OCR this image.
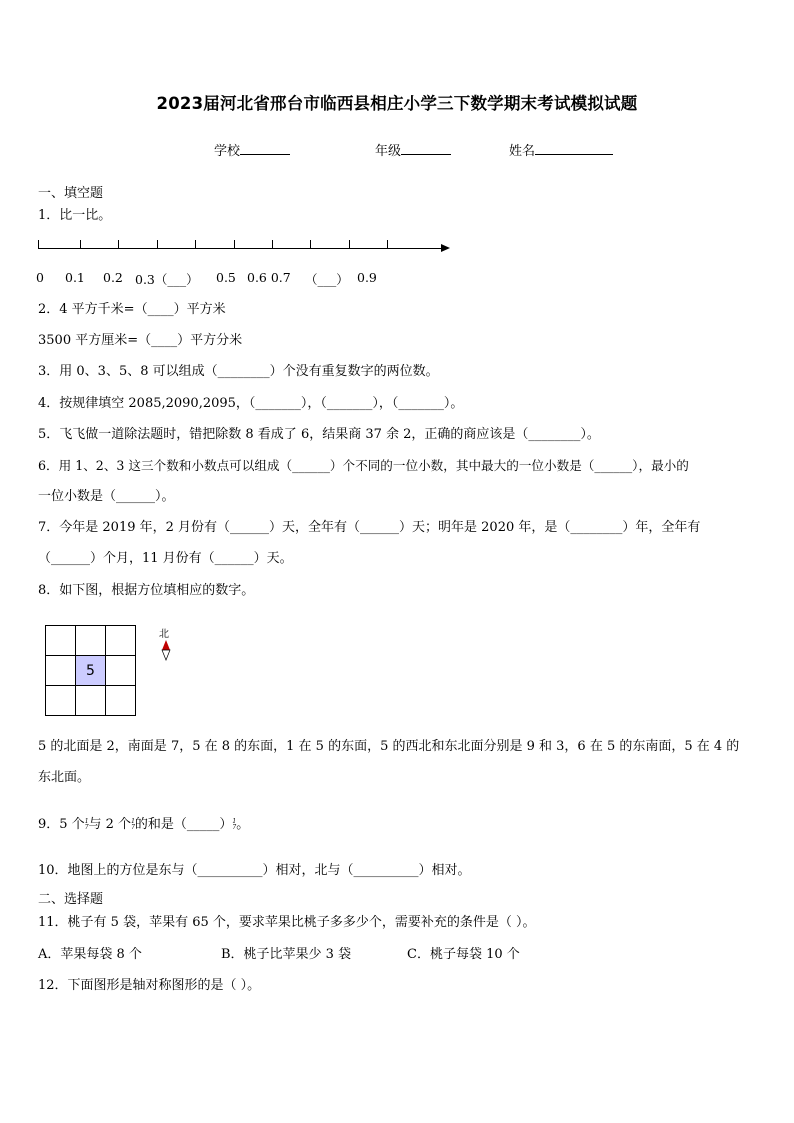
2023届河北省邢台市临西县相庄小学三下数学期末考试模拟试题
学校	年级	姓名
一、填空题
1．比一比。
0 0.1 0.2 0.3（___） 0.5 0.6 0.7 （___） 0.9
2．4 平方千米=（____）平方米
3500 平方厘米=（____）平方分米
3．用 0、3、5、8 可以组成（________）个没有重复数字的两位数。
4．按规律填空 2085,2090,2095，（_______），（_______），（_______）。
5．飞飞做一道除法题时，错把除数 8 看成了 6，结果商 37 余 2，正确的商应该是（________）。
6．用 1、2、3 这三个数和小数点可以组成（______）个不同的一位小数，其中最大的一位小数是（______），最小的
一位小数是（______）。
7．今年是 2019 年，2 月份有（______）天，全年有（______）天；明年是 2020 年，是（________）年，全年有
（______）个月，11 月份有（______）天。
8．如下图，根据方位填相应的数字。

	5	

北
5 的北面是 2，南面是 7，5 在 8 的东面，1 在 5 的东面，5 的西北和东北面分别是 9 和 3，6 在 5 的东南面，5 在 4 的
东北面。
9．5 个1
7与 2 个1
7的和是（_____）1
7。
10．地图上的方位是东与（__________）相对，北与（__________）相对。
二、选择题
11．桃子有 5 袋，苹果有 65 个，要求苹果比桃子多多少个，需要补充的条件是（ ）。
A．苹果每袋 8 个	B．桃子比苹果少 3 袋	C．桃子每袋 10 个
12．下面图形是轴对称图形的是（ ）。
